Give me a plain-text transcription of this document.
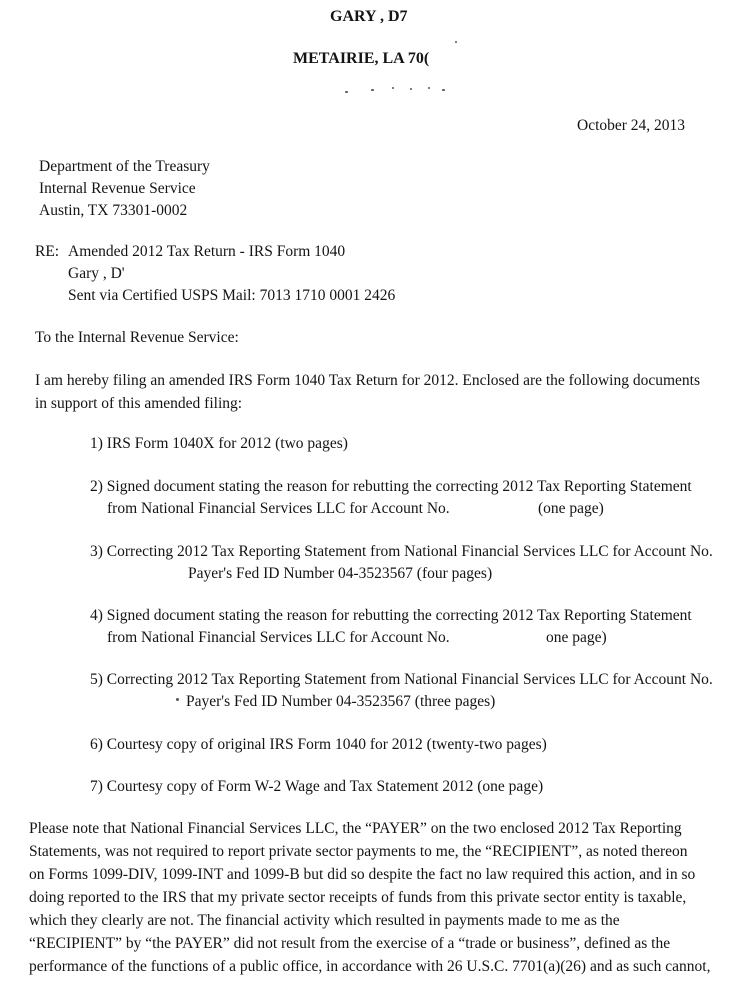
GARY , D7
METAIRIE, LA 70(
October 24, 2013
Department of the Treasury
Internal Revenue Service
Austin, TX 73301-0002
RE: Amended 2012 Tax Return - IRS Form 1040
Gary , D'
Sent via Certified USPS Mail: 7013 1710 0001 2426
To the Internal Revenue Service:
I am hereby filing an amended IRS Form 1040 Tax Return for 2012. Enclosed are the following documents
in support of this amended filing:
1) IRS Form 1040X for 2012 (two pages)
2) Signed document stating the reason for rebutting the correcting 2012 Tax Reporting Statement
from National Financial Services LLC for Account No.	(one page)
3) Correcting 2012 Tax Reporting Statement from National Financial Services LLC for Account No.
Payer's Fed ID Number 04-3523567 (four pages)
4) Signed document stating the reason for rebutting the correcting 2012 Tax Reporting Statement
from National Financial Services LLC for Account No.	one page)
5) Correcting 2012 Tax Reporting Statement from National Financial Services LLC for Account No.
Payer's Fed ID Number 04-3523567 (three pages)
6) Courtesy copy of original IRS Form 1040 for 2012 (twenty-two pages)
7) Courtesy copy of Form W-2 Wage and Tax Statement 2012 (one page)
Please note that National Financial Services LLC, the “PAYER” on the two enclosed 2012 Tax Reporting
Statements, was not required to report private sector payments to me, the “RECIPIENT”, as noted thereon
on Forms 1099-DIV, 1099-INT and 1099-B but did so despite the fact no law required this action, and in so
doing reported to the IRS that my private sector receipts of funds from this private sector entity is taxable,
which they clearly are not. The financial activity which resulted in payments made to me as the
“RECIPIENT” by “the PAYER” did not result from the exercise of a “trade or business”, defined as the
performance of the functions of a public office, in accordance with 26 U.S.C. 7701(a)(26) and as such cannot,
